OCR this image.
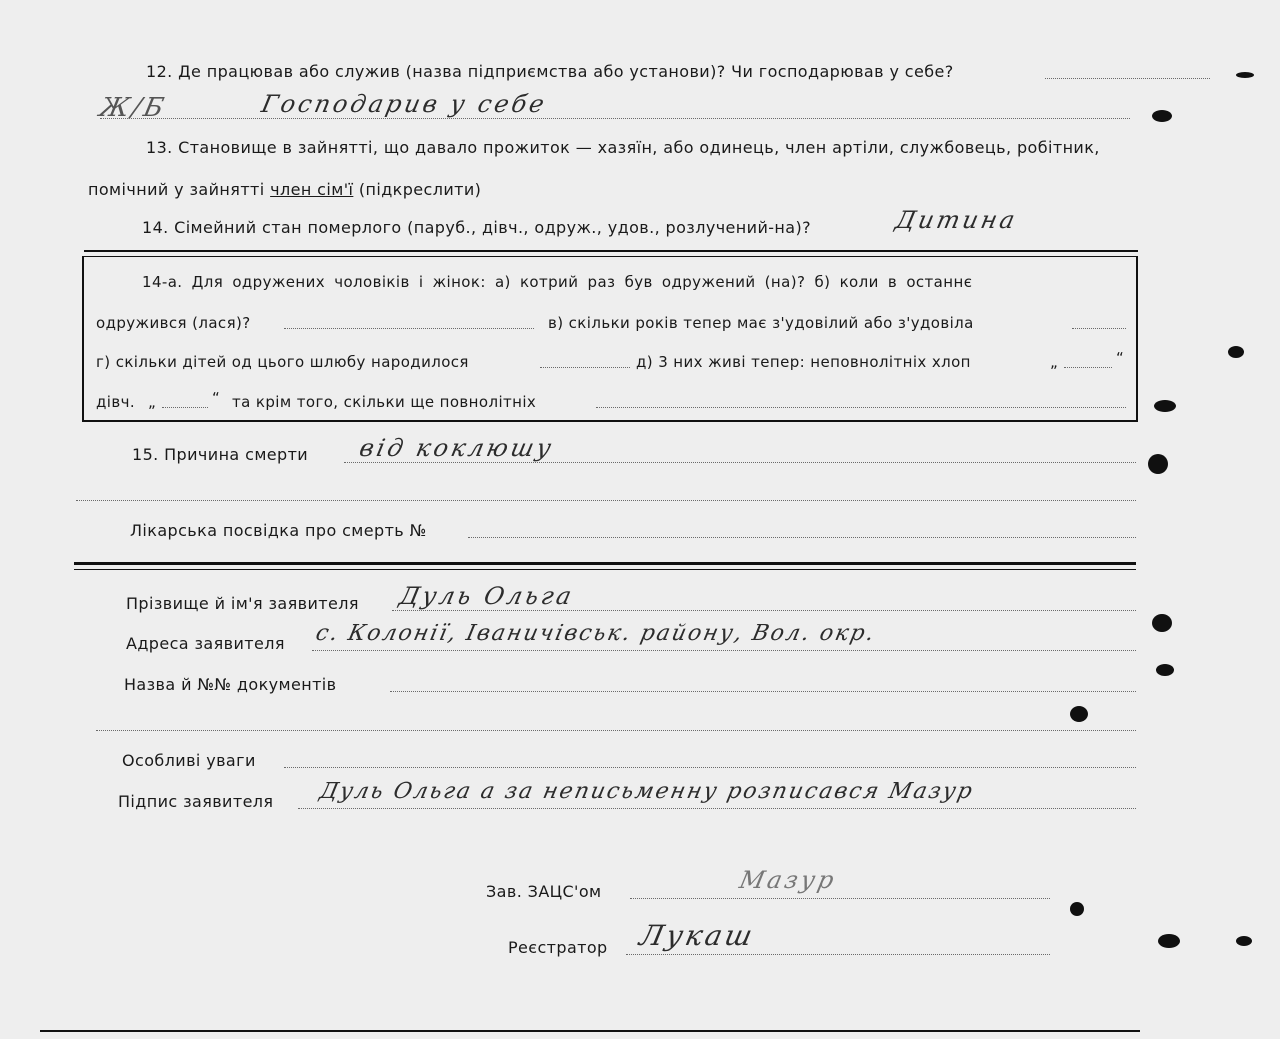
12. Де працював або служив (назва підприємства або установи)? Чи господарював у себе?
Ж/Б	Господарив у себе
13. Становище в зайнятті, що давало прожиток — хазяїн, або одинець, член артіли, службовець, робітник,
помічний у зайнятті член сім'ї (підкреслити)
14. Сімейний стан померлого (паруб., дівч., одруж., удов., розлучений-на)?	Дитина
14-а. Для одружених чоловіків і жінок: а) котрий раз був одружений (на)? б) коли в останнє
одружився (лася)?	в) скільки років тепер має з'удовілий або з'удовіла
г) скільки дітей од цього шлюбу народилося	д) 3 них живі тепер: неповнолітніх хлоп	„	“
дівч. „	“ та крім того, скільки ще повнолітніх
15. Причина смерти від коклюшу
Лікарська посвідка про смерть №
Прізвище й ім'я заявителя Дуль Ольга
Адреса заявителя с. Колонії, Іваничівськ. району, Вол. окр.
Назва й №№ документів
Особливі уваги
Підпис заявителя Дуль Ольга а за неписьменну розписався Мазур
Зав. ЗАЦС'ом	Мазур
Реєстратор Лукаш
